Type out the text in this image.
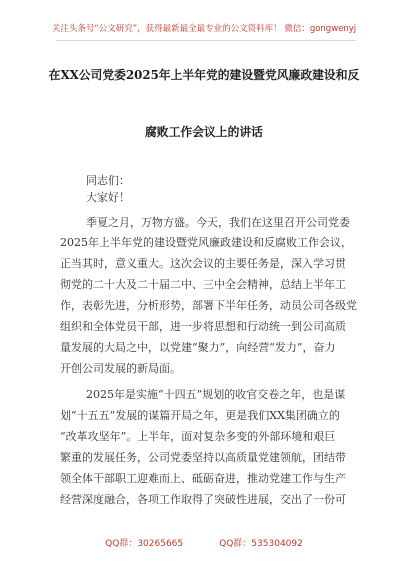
关注头条号“公文研究”，获得最新最全最专业的公文资料库！ 微信：gongwenyj
在XX公司党委2025年上半年党的建设暨党风廉政建设和反
腐败工作会议上的讲话
同志们：
大家好！
季夏之月，万物方盛。今天，我们在这里召开公司党委
2025年上半年党的建设暨党风廉政建设和反腐败工作会议，
正当其时，意义重大。这次会议的主要任务是，深入学习贯
彻党的二十大及二十届二中、三中全会精神，总结上半年工
作，表彰先进，分析形势，部署下半年任务，动员公司各级党
组织和全体党员干部，进一步将思想和行动统一到公司高质
量发展的大局之中，以党建“聚力”，向经营“发力”，奋力
开创公司发展的新局面。
2025年是实施“十四五”规划的收官交卷之年，也是谋
划“十五五”发展的谋篇开局之年，更是我们XX集团确立的
“改革攻坚年”。上半年，面对复杂多变的外部环境和艰巨
繁重的发展任务，公司党委坚持以高质量党建领航，团结带
领全体干部职工迎难而上、砥砺奋进，推动党建工作与生产
经营深度融合，各项工作取得了突破性进展，交出了一份可
QQ群：30265665	QQ群：535304092
